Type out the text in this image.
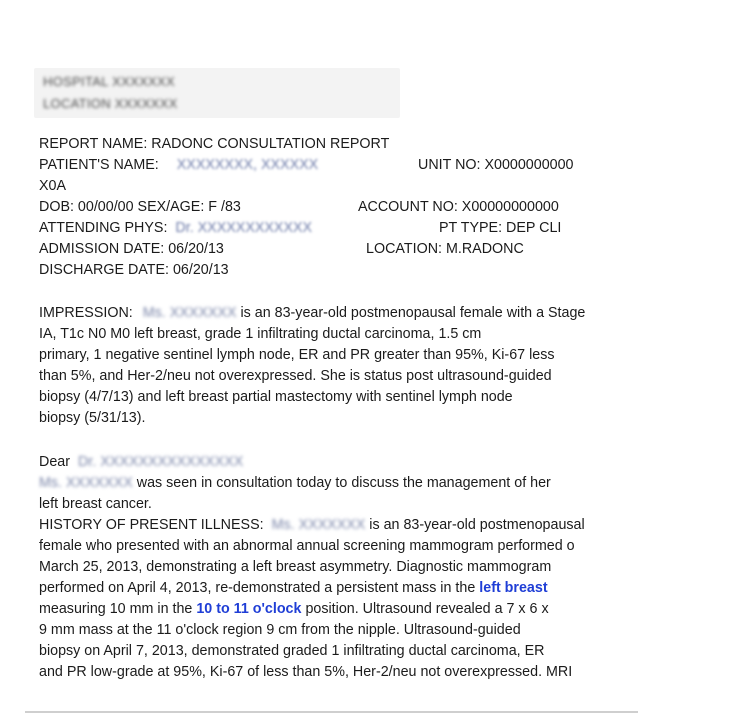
HOSPITAL XXXXXXX
LOCATION XXXXXXX
REPORT NAME: RADONC CONSULTATION REPORT
PATIENT'S NAME: XXXXXXXX, XXXXXX	UNIT NO: X0000000000
X0A
DOB: 00/00/00 SEX/AGE: F /83	ACCOUNT NO: X00000000000
ATTENDING PHYS: Dr. XXXXXXXXXXXX	PT TYPE: DEP CLI
ADMISSION DATE: 06/20/13	LOCATION: M.RADONC
DISCHARGE DATE: 06/20/13
IMPRESSION: Ms. XXXXXXX is an 83-year-old postmenopausal female with a Stage
IA, T1c N0 M0 left breast, grade 1 infiltrating ductal carcinoma, 1.5 cm
primary, 1 negative sentinel lymph node, ER and PR greater than 95%, Ki-67 less
than 5%, and Her-2/neu not overexpressed. She is status post ultrasound-guided
biopsy (4/7/13) and left breast partial mastectomy with sentinel lymph node
biopsy (5/31/13).
Dear Dr. XXXXXXXXXXXXXXX
Ms. XXXXXXX was seen in consultation today to discuss the management of her
left breast cancer.
HISTORY OF PRESENT ILLNESS: Ms. XXXXXXX is an 83-year-old postmenopausal
female who presented with an abnormal annual screening mammogram performed o
March 25, 2013, demonstrating a left breast asymmetry. Diagnostic mammogram
performed on April 4, 2013, re-demonstrated a persistent mass in the left breast
measuring 10 mm in the 10 to 11 o'clock position. Ultrasound revealed a 7 x 6 x
9 mm mass at the 11 o'clock region 9 cm from the nipple. Ultrasound-guided
biopsy on April 7, 2013, demonstrated graded 1 infiltrating ductal carcinoma, ER
and PR low-grade at 95%, Ki-67 of less than 5%, Her-2/neu not overexpressed. MRI
